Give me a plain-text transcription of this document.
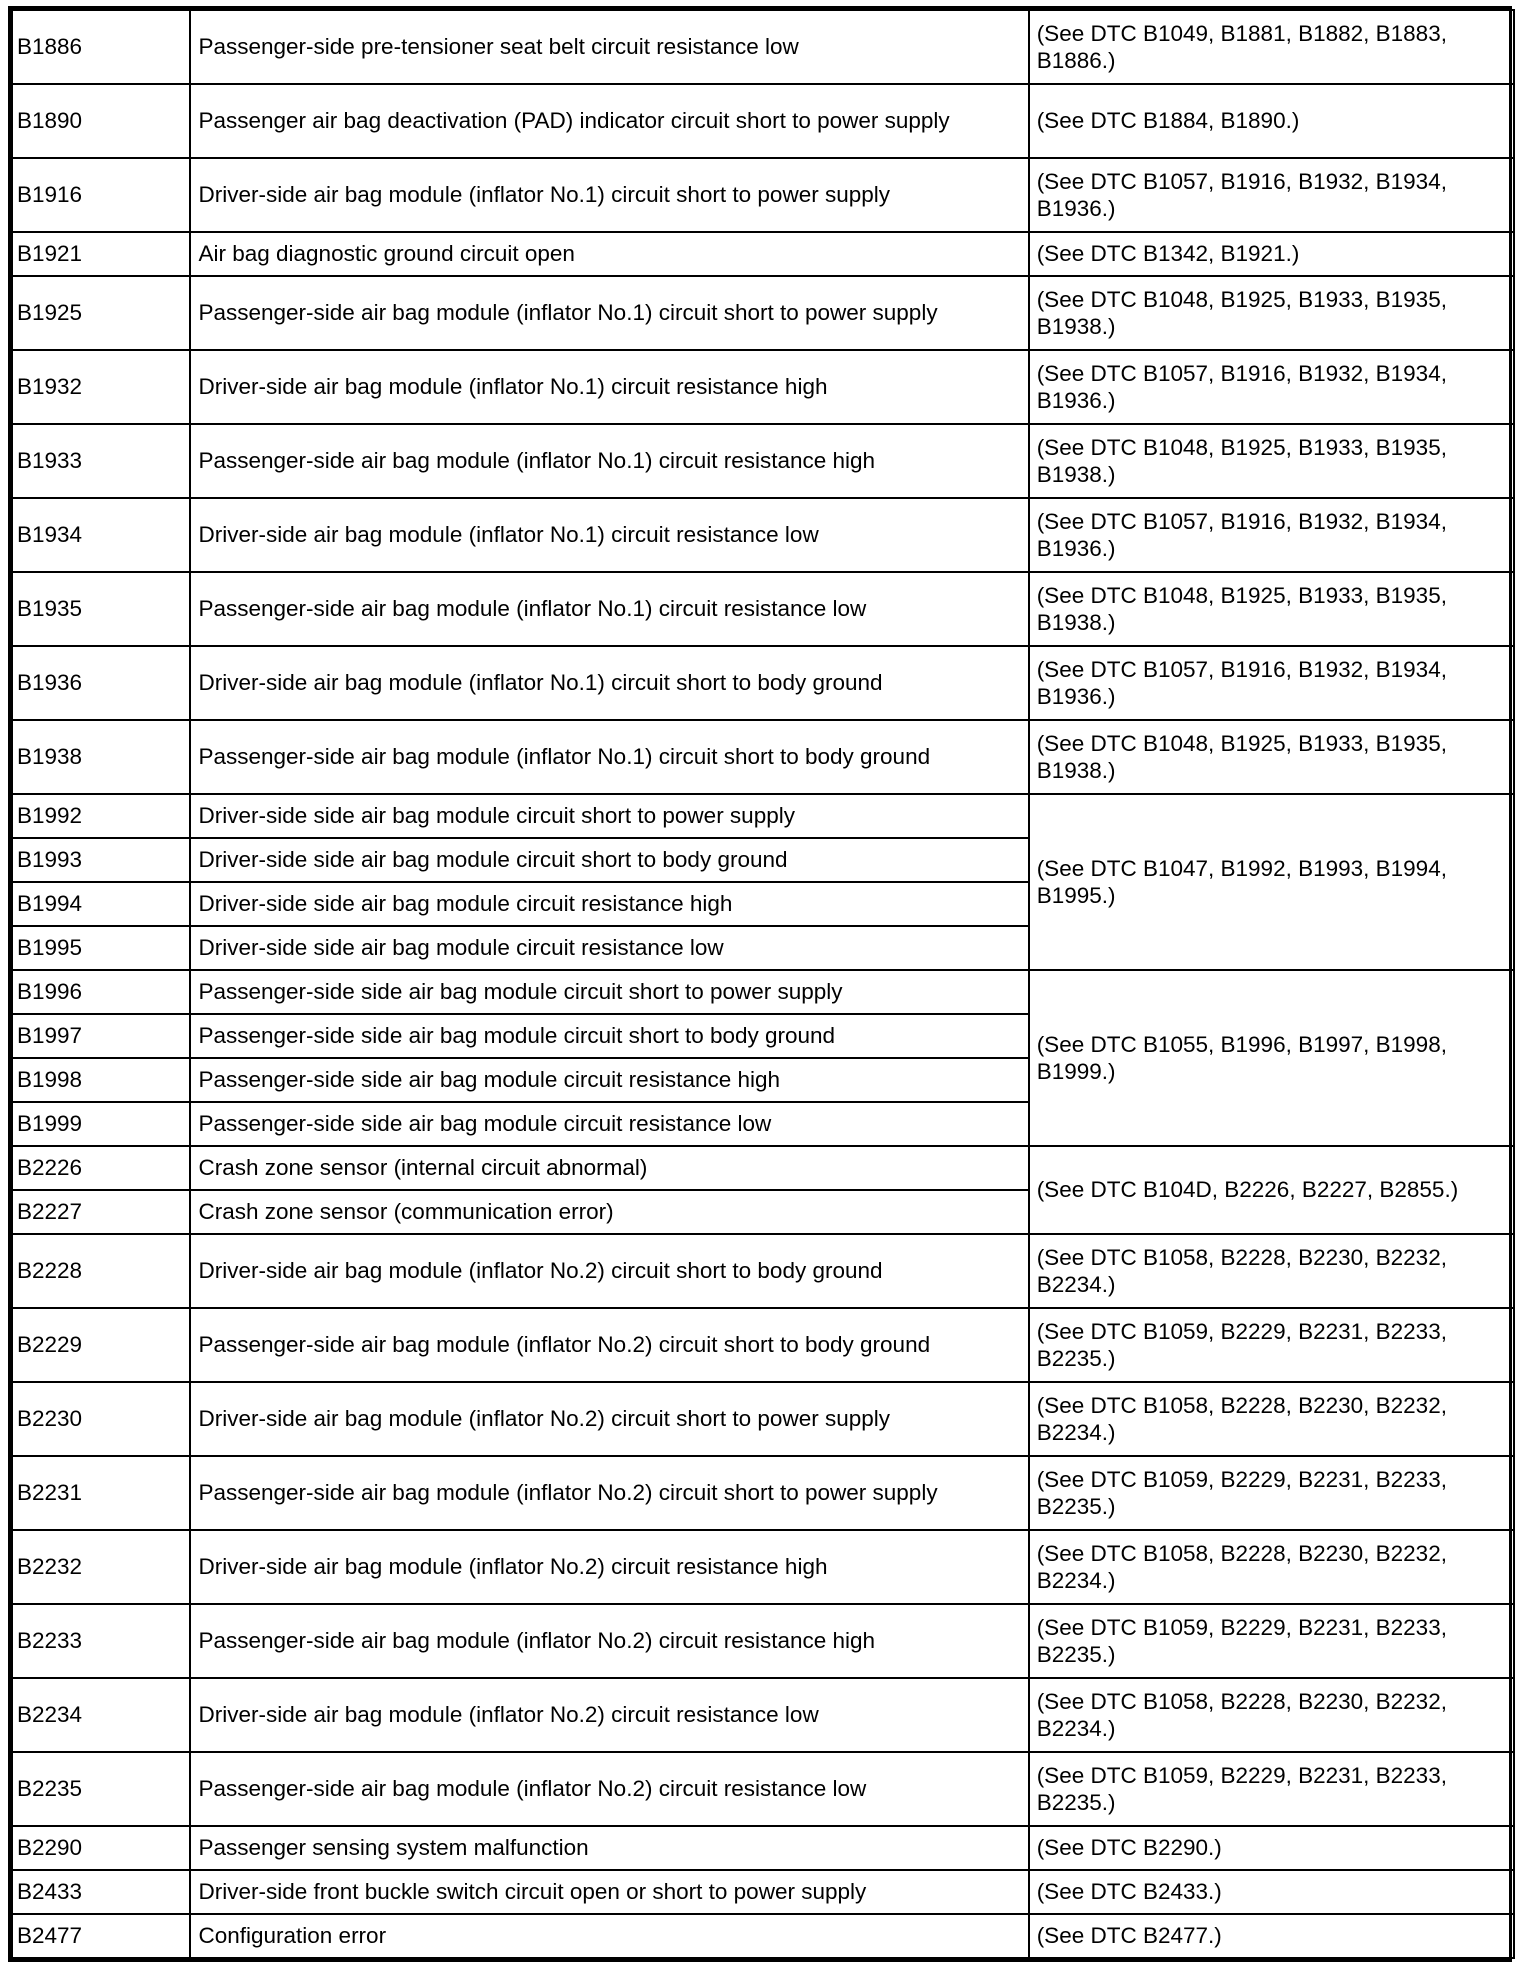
B1886	Passenger-side pre-tensioner seat belt circuit resistance low	(See DTC B1049, B1881, B1882, B1883, B1886.)
B1890	Passenger air bag deactivation (PAD) indicator circuit short to power supply	(See DTC B1884, B1890.)
B1916	Driver-side air bag module (inflator No.1) circuit short to power supply	(See DTC B1057, B1916, B1932, B1934, B1936.)
B1921	Air bag diagnostic ground circuit open	(See DTC B1342, B1921.)
B1925	Passenger-side air bag module (inflator No.1) circuit short to power supply	(See DTC B1048, B1925, B1933, B1935, B1938.)
B1932	Driver-side air bag module (inflator No.1) circuit resistance high	(See DTC B1057, B1916, B1932, B1934, B1936.)
B1933	Passenger-side air bag module (inflator No.1) circuit resistance high	(See DTC B1048, B1925, B1933, B1935, B1938.)
B1934	Driver-side air bag module (inflator No.1) circuit resistance low	(See DTC B1057, B1916, B1932, B1934, B1936.)
B1935	Passenger-side air bag module (inflator No.1) circuit resistance low	(See DTC B1048, B1925, B1933, B1935, B1938.)
B1936	Driver-side air bag module (inflator No.1) circuit short to body ground	(See DTC B1057, B1916, B1932, B1934, B1936.)
B1938	Passenger-side air bag module (inflator No.1) circuit short to body ground	(See DTC B1048, B1925, B1933, B1935, B1938.)
B1992	Driver-side side air bag module circuit short to power supply	(See DTC B1047, B1992, B1993, B1994, B1995.)
B1993	Driver-side side air bag module circuit short to body ground	
B1994	Driver-side side air bag module circuit resistance high	
B1995	Driver-side side air bag module circuit resistance low	
B1996	Passenger-side side air bag module circuit short to power supply	(See DTC B1055, B1996, B1997, B1998, B1999.)
B1997	Passenger-side side air bag module circuit short to body ground	
B1998	Passenger-side side air bag module circuit resistance high	
B1999	Passenger-side side air bag module circuit resistance low	
B2226	Crash zone sensor (internal circuit abnormal)	(See DTC B104D, B2226, B2227, B2855.)
B2227	Crash zone sensor (communication error)	
B2228	Driver-side air bag module (inflator No.2) circuit short to body ground	(See DTC B1058, B2228, B2230, B2232, B2234.)
B2229	Passenger-side air bag module (inflator No.2) circuit short to body ground	(See DTC B1059, B2229, B2231, B2233, B2235.)
B2230	Driver-side air bag module (inflator No.2) circuit short to power supply	(See DTC B1058, B2228, B2230, B2232, B2234.)
B2231	Passenger-side air bag module (inflator No.2) circuit short to power supply	(See DTC B1059, B2229, B2231, B2233, B2235.)
B2232	Driver-side air bag module (inflator No.2) circuit resistance high	(See DTC B1058, B2228, B2230, B2232, B2234.)
B2233	Passenger-side air bag module (inflator No.2) circuit resistance high	(See DTC B1059, B2229, B2231, B2233, B2235.)
B2234	Driver-side air bag module (inflator No.2) circuit resistance low	(See DTC B1058, B2228, B2230, B2232, B2234.)
B2235	Passenger-side air bag module (inflator No.2) circuit resistance low	(See DTC B1059, B2229, B2231, B2233, B2235.)
B2290	Passenger sensing system malfunction	(See DTC B2290.)
B2433	Driver-side front buckle switch circuit open or short to power supply	(See DTC B2433.)
B2477	Configuration error	(See DTC B2477.)
